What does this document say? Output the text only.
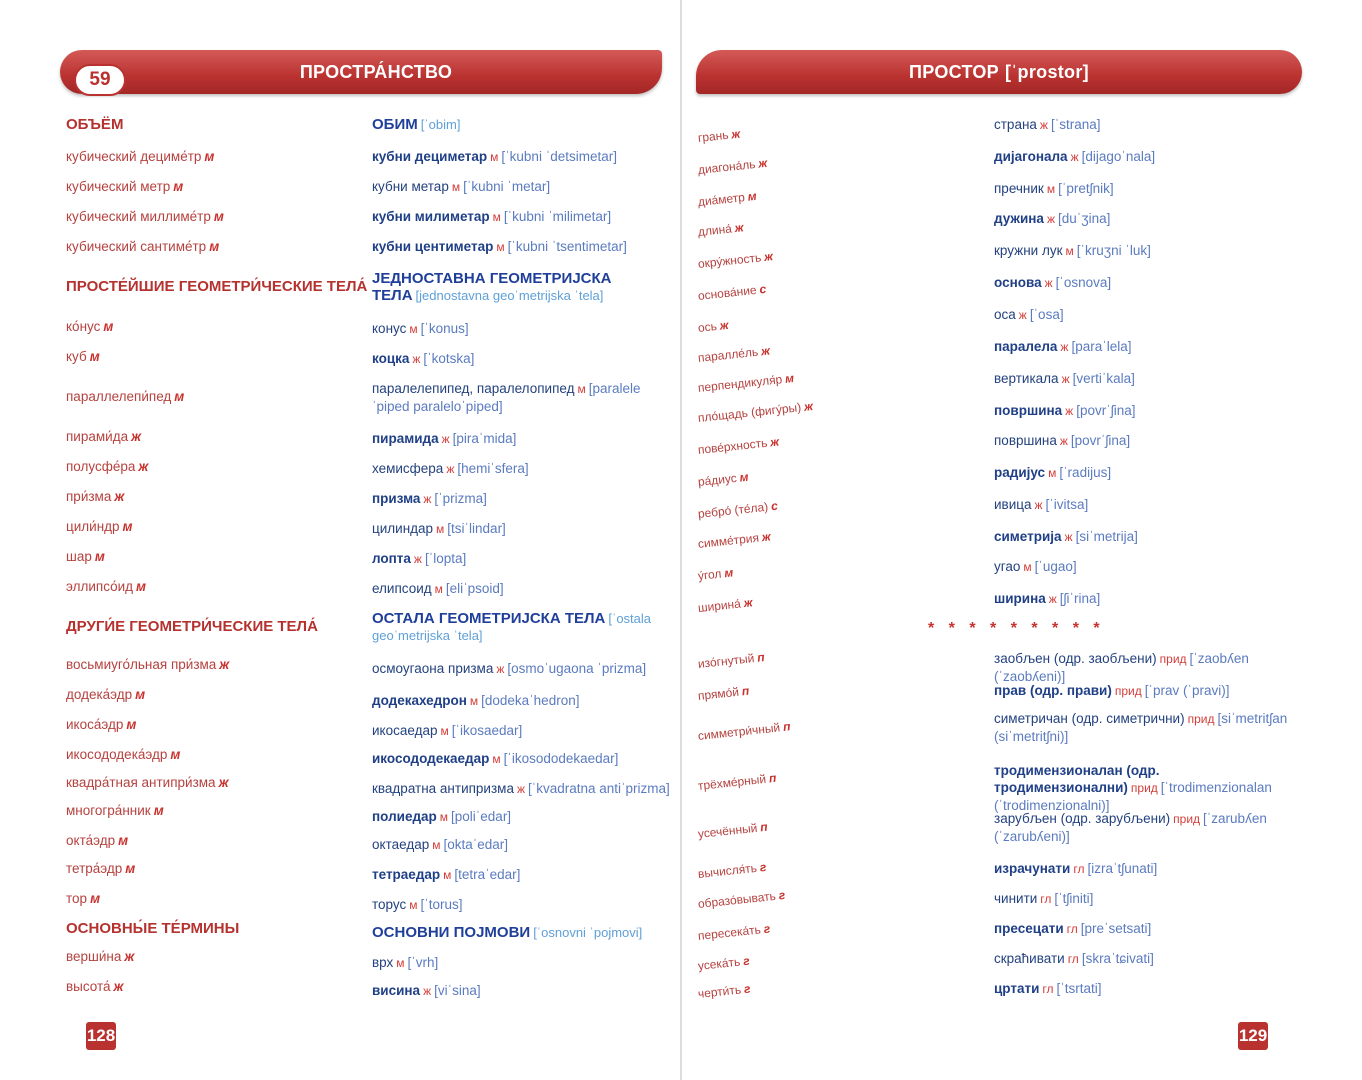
ПРОСТРА́НСТВО
59
ОБЪЁМ
кубический дециме́тр м
кубический метр м
кубический миллиме́тр м
кубический сантиме́тр м
ПРОСТЕ́ЙШИЕ ГЕОМЕТРИ́ЧЕСКИЕ ТЕЛА́
ко́нус м
куб м
параллелепи́пед м
пирами́да ж
полусфе́ра ж
при́зма ж
цили́ндр м
шар м
эллипсо́ид м
ДРУГИ́Е ГЕОМЕТРИ́ЧЕСКИЕ ТЕЛА́
восьмиуго́льная при́зма ж
додека́эдр м
икоса́эдр м
икосододека́эдр м
квадра́тная антипри́зма ж
многогра́нник м
окта́эдр м
тетра́эдр м
тор м
ОСНОВНЫ́Е ТЕ́РМИНЫ
верши́на ж
высота́ ж
ОБИМ [ˈobim]
кубни дециметар м [ˈkubni ˈdetsimetar]
кубни метар м [ˈkubni ˈmetar]
кубни милиметар м [ˈkubni ˈmilimetar]
кубни центиметар м [ˈkubni ˈtsentimetar]
ЈЕДНОСТАВНА ГЕОМЕТРИЈСКА ТЕЛА [jednostavna geoˈmetrijska ˈtela]
конус м [ˈkonus]
коцка ж [ˈkotska]
паралелепипед, паралелопипед м [paraleleˈpiped paraleloˈpiped]
пирамида ж [piraˈmida]
хемисфера ж [hemiˈsfera]
призма ж [ˈprizma]
цилиндар м [tsiˈlindar]
лопта ж [ˈlopta]
елипсоид м [eliˈpsoid]
ОСТАЛА ГЕОМЕТРИЈСКА ТЕЛА [ˈostala geoˈmetrijska ˈtela]
осмоугаона призма ж [osmoˈugaona ˈprizma]
додекахедрон м [dodekaˈhedron]
икосаедар м [ˈikosaedar]
икосододекаедар м [ˈikosododekaedar]
квадратна антипризма ж [ˈkvadratna antiˈprizma]
полиедар м [poliˈedar]
октаедар м [oktaˈedar]
тетраедар м [tetraˈedar]
торус м [ˈtorus]
ОСНОВНИ ПОЈМОВИ [ˈosnovni ˈpojmovi]
врх м [ˈvrh]
висина ж [viˈsina]
128
ПРОСТОР [ˈprostor]
грань ж
диагона́ль ж
диа́метр м
длина́ ж
окру́жность ж
основа́ние с
ось ж
паралле́ль ж
перпендикуля́р м
пло́щадь (фигу́ры) ж
пове́рхность ж
ра́диус м
ребро́ (те́ла) с
симме́трия ж
у́гол м
ширина́ ж
изо́гнутый п
прямо́й п
симметри́чный п
трёхме́рный п
усечённый п
вычисля́ть г
образо́вывать г
пересека́ть г
усека́ть г
черти́ть г
страна ж [ˈstrana]
дијагонала ж [dijagoˈnala]
пречник м [ˈpretʃnik]
дужина ж [duˈʒina]
кружни лук м [ˈkruʒni ˈluk]
основа ж [ˈosnova]
оса ж [ˈosa]
паралела ж [paraˈlela]
вертикала ж [vertiˈkala]
површина ж [povrˈʃina]
површина ж [povrˈʃina]
радијус м [ˈradijus]
ивица ж [ˈivitsa]
симетрија ж [siˈmetrija]
угао м [ˈugao]
ширина ж [ʃiˈrina]
заобљен (одр. заобљени) прид [ˈzaobʎen (ˈzaobʎeni)]
прав (одр. прави) прид [ˈprav (ˈpravi)]
симетричан (одр. симетрични) прид [siˈmetritʃan (siˈmetritʃni)]
тродимензионалан (одр. тродимензионални) прид [ˈtrodimenzionalan (ˈtrodimenzionalni)]
зарубљен (одр. зарубљени) прид [ˈzarubʎen (ˈzarubʎeni)]
израчунати гл [izraˈtʃunati]
чинити гл [ˈtʃiniti]
пресецати гл [preˈsetsati]
скраћивати гл [skraˈtɕivati]
цртати гл [ˈtsrtati]
* * * * * * * * *
129
